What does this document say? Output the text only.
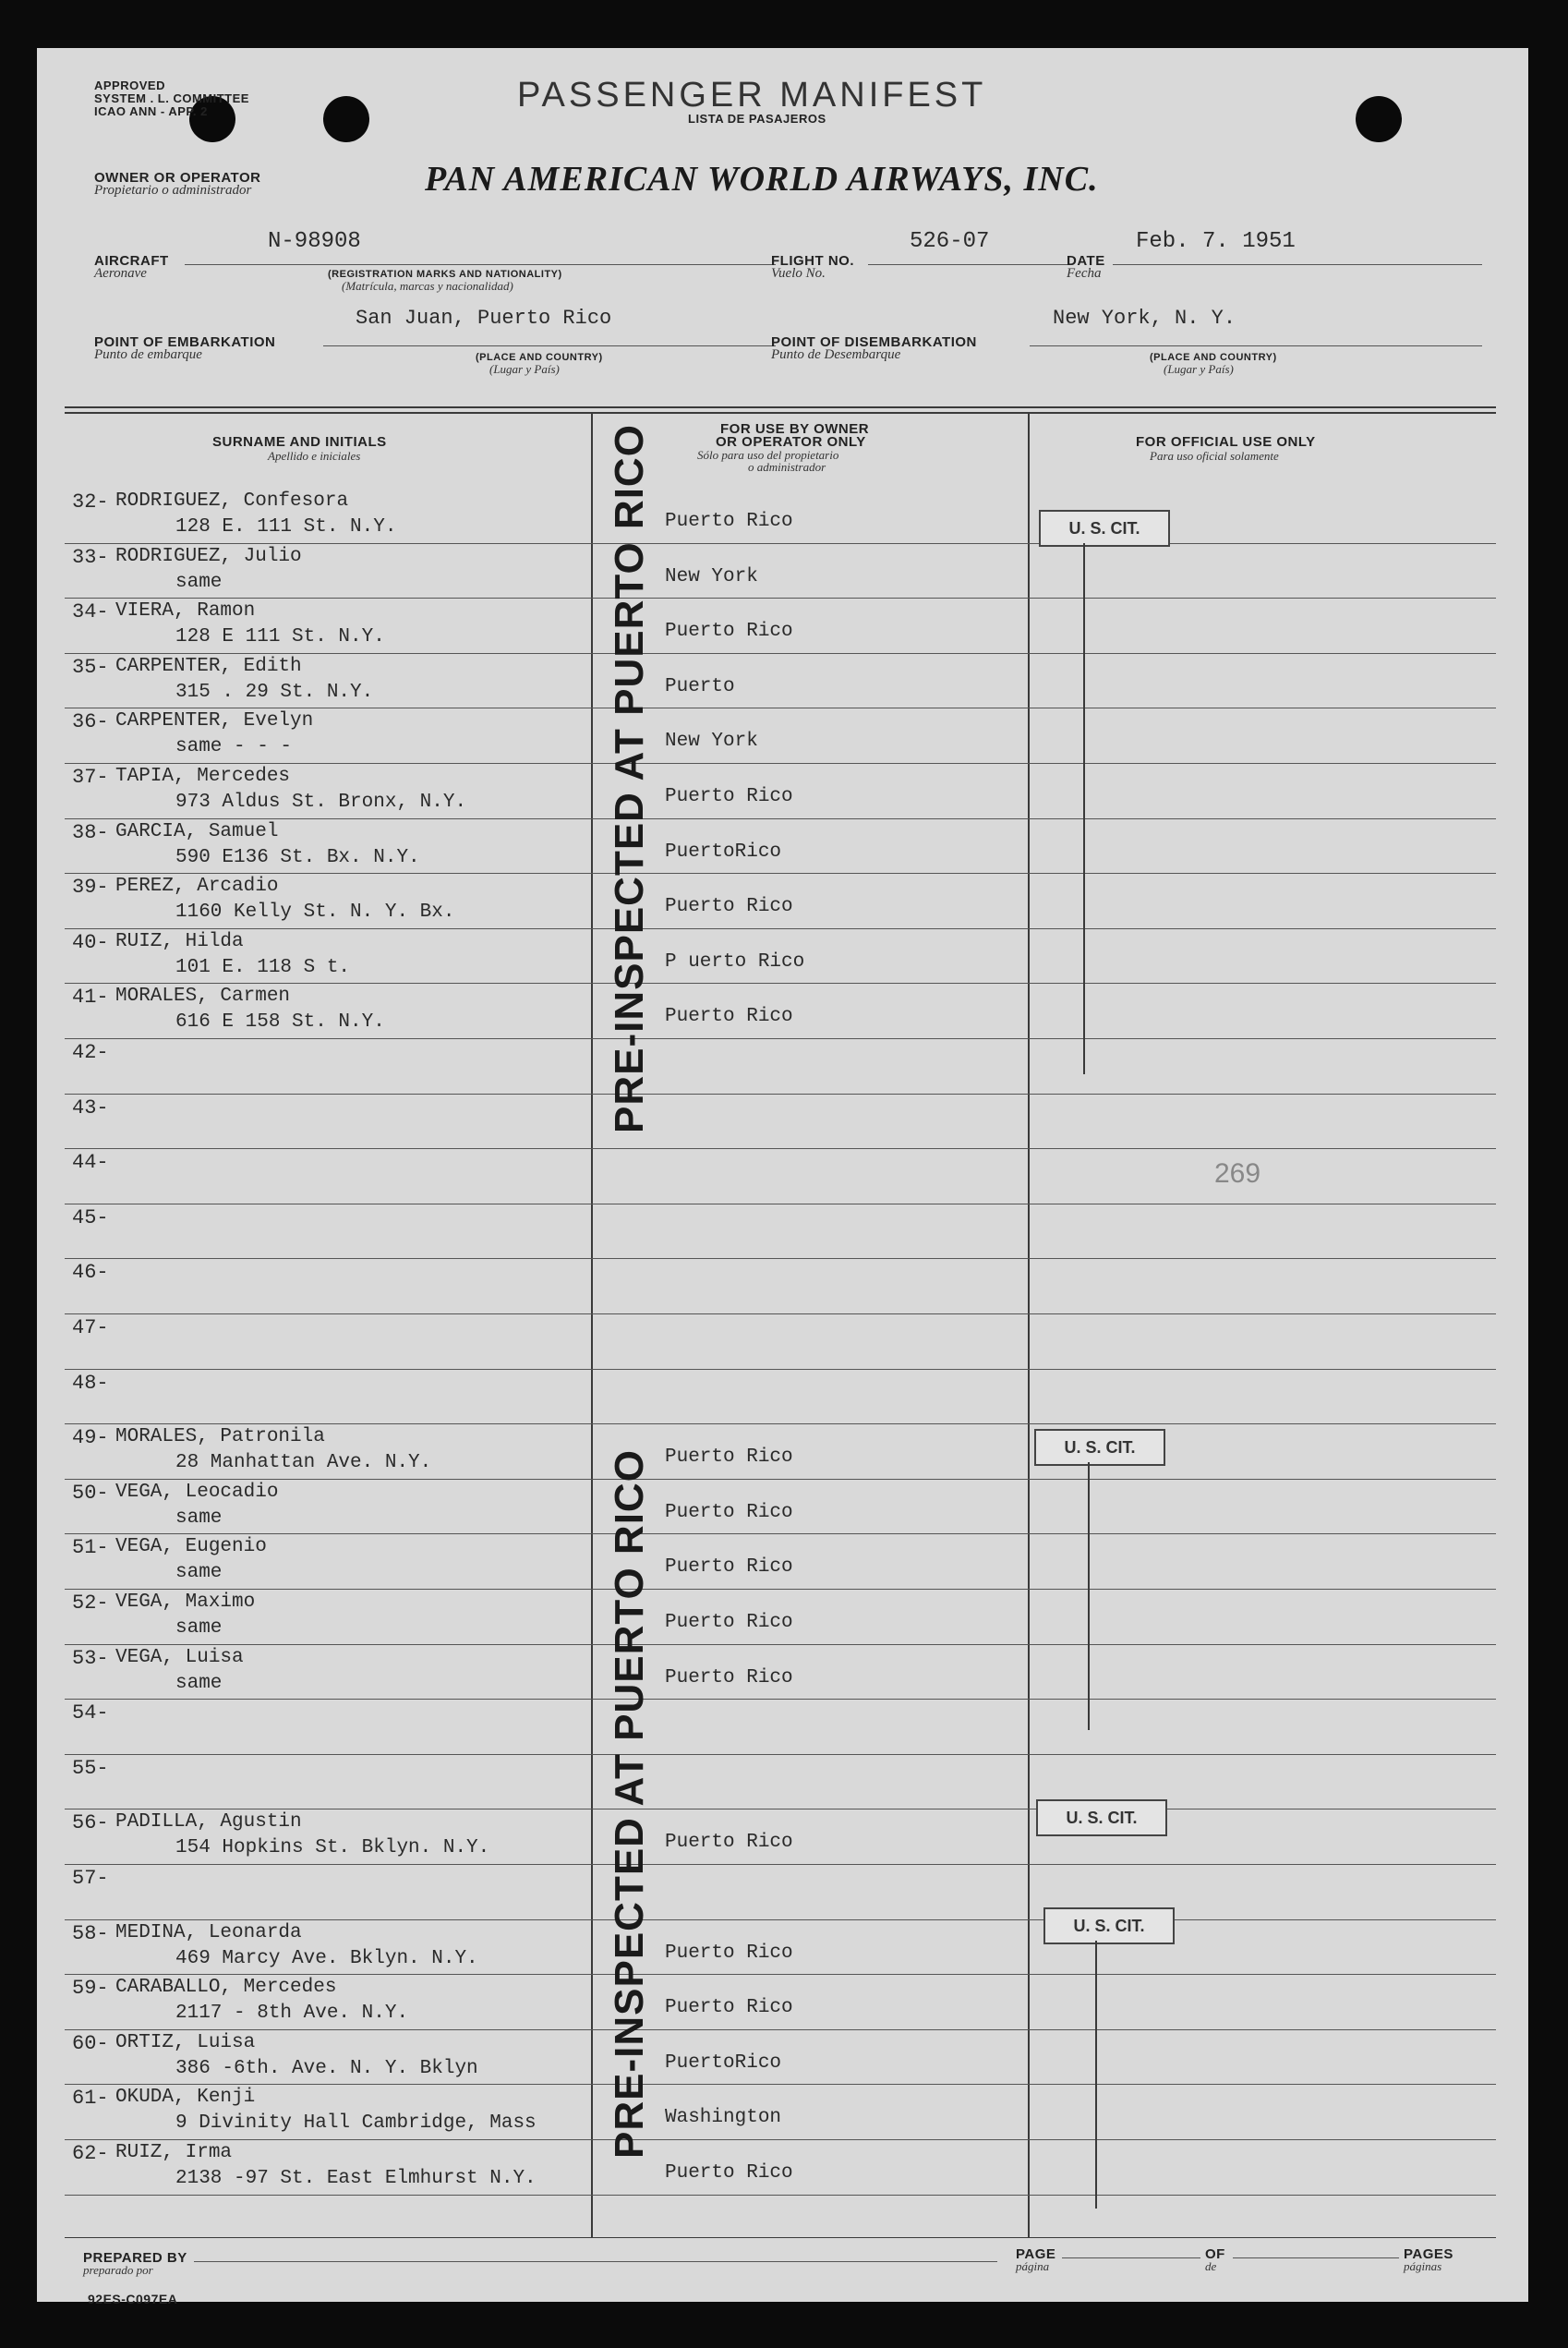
APPROVED
SYSTEM . L. COMMITTEE
ICAO ANN - APP. 2	PASSENGER MANIFEST
LISTA DE PASAJEROS
OWNER OR OPERATOR
Propietario o administrador	PAN AMERICAN WORLD AIRWAYS, INC.
AIRCRAFT
Aeronave
N-98908
(REGISTRATION MARKS AND NATIONALITY)
(Matrícula, marcas y nacionalidad)
FLIGHT NO.
Vuelo No.
526-07
DATE
Fecha
Feb. 7. 1951
San Juan, Puerto Rico
POINT OF EMBARKATION
Punto de embarque	(PLACE AND COUNTRY)
(Lugar y País)
New York, N. Y.
POINT OF DISEMBARKATION
Punto de Desembarque	(PLACE AND COUNTRY)
(Lugar y País)
SURNAME AND INITIALS
Apellido e iniciales
FOR USE BY OWNER
OR OPERATOR ONLY
Sólo para uso del propietario
o administrador
FOR OFFICIAL USE ONLY
Para uso oficial solamente
32- RODRIGUEZ, Confesora
128 E. 111 St. N.Y.	Puerto Rico
33- RODRIGUEZ, Julio
same	New York
34- VIERA, Ramon
128 E 111 St. N.Y.	Puerto Rico
35- CARPENTER, Edith
315 . 29 St. N.Y.	Puerto
36- CARPENTER, Evelyn
same - - -	New York
37- TAPIA, Mercedes
973 Aldus St. Bronx, N.Y.	Puerto Rico
38- GARCIA, Samuel
590 E136 St. Bx. N.Y.	PuertoRico
39- PEREZ, Arcadio
1160 Kelly St. N. Y. Bx.	Puerto Rico
40- RUIZ, Hilda
101 E. 118 S t.	P uerto Rico
41- MORALES, Carmen
616 E 158 St. N.Y.	Puerto Rico
42-
43-
44-
45-
46-
47-
48-
49- MORALES, Patronila
28 Manhattan Ave. N.Y.	Puerto Rico
50- VEGA, Leocadio
same	Puerto Rico
51- VEGA, Eugenio
same	Puerto Rico
52- VEGA, Maximo
same	Puerto Rico
53- VEGA, Luisa
same	Puerto Rico
54-
55-
56- PADILLA, Agustin
154 Hopkins St. Bklyn. N.Y.	Puerto Rico
57-
58- MEDINA, Leonarda
469 Marcy Ave. Bklyn. N.Y.	Puerto Rico
59- CARABALLO, Mercedes
2117 - 8th Ave. N.Y.	Puerto Rico
60- ORTIZ, Luisa
386 -6th. Ave. N. Y. Bklyn	PuertoRico
61- OKUDA, Kenji
9 Divinity Hall Cambridge, Mass	Washington
62- RUIZ, Irma
2138 -97 St. East Elmhurst N.Y.	Puerto Rico
269
PRE-INSPECTED AT PUERTO RICO
PRE-INSPECTED AT PUERTO RICO
U. S. CIT.
U. S. CIT.
U. S. CIT.
U. S. CIT.
PREPARED BY
preparado por
PAGE
página
OF
de
PAGES
páginas
92ES-C097EA
